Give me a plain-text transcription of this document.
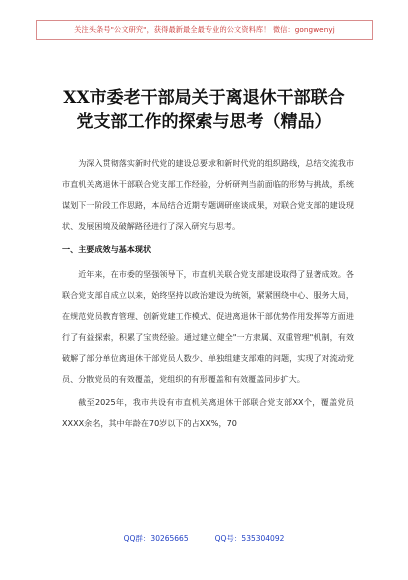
关注头条号"公文研究"，获得最新最全最专业的公文资料库！ 微信：gongwenyj
XX市委老干部局关于离退休干部联合
党支部工作的探索与思考（精品）

为深入贯彻落实新时代党的建设总要求和新时代党的组织路线，总结交流我市市直机关离退休干部联合党支部工作经验，分析研判当前面临的形势与挑战，系统谋划下一阶段工作思路，本局结合近期专题调研座谈成果，对联合党支部的建设现状、发展困境及破解路径进行了深入研究与思考。

一、主要成效与基本现状

近年来，在市委的坚强领导下，市直机关联合党支部建设取得了显著成效。各联合党支部自成立以来，始终坚持以政治建设为统领，紧紧围绕中心、服务大局，在规范党员教育管理、创新党建工作模式、促进离退休干部优势作用发挥等方面进行了有益探索，积累了宝贵经验。通过建立健全"一方隶属、双重管理"机制，有效破解了部分单位离退休干部党员人数少、单独组建支部难的问题，实现了对流动党员、分散党员的有效覆盖，党组织的有形覆盖和有效覆盖同步扩大。

截至2025年，我市共设有市直机关离退休干部联合党支部XX个，覆盖党员XXXX余名，其中年龄在70岁以下的占XX%，70

QQ群：30265665	QQ号：535304092
